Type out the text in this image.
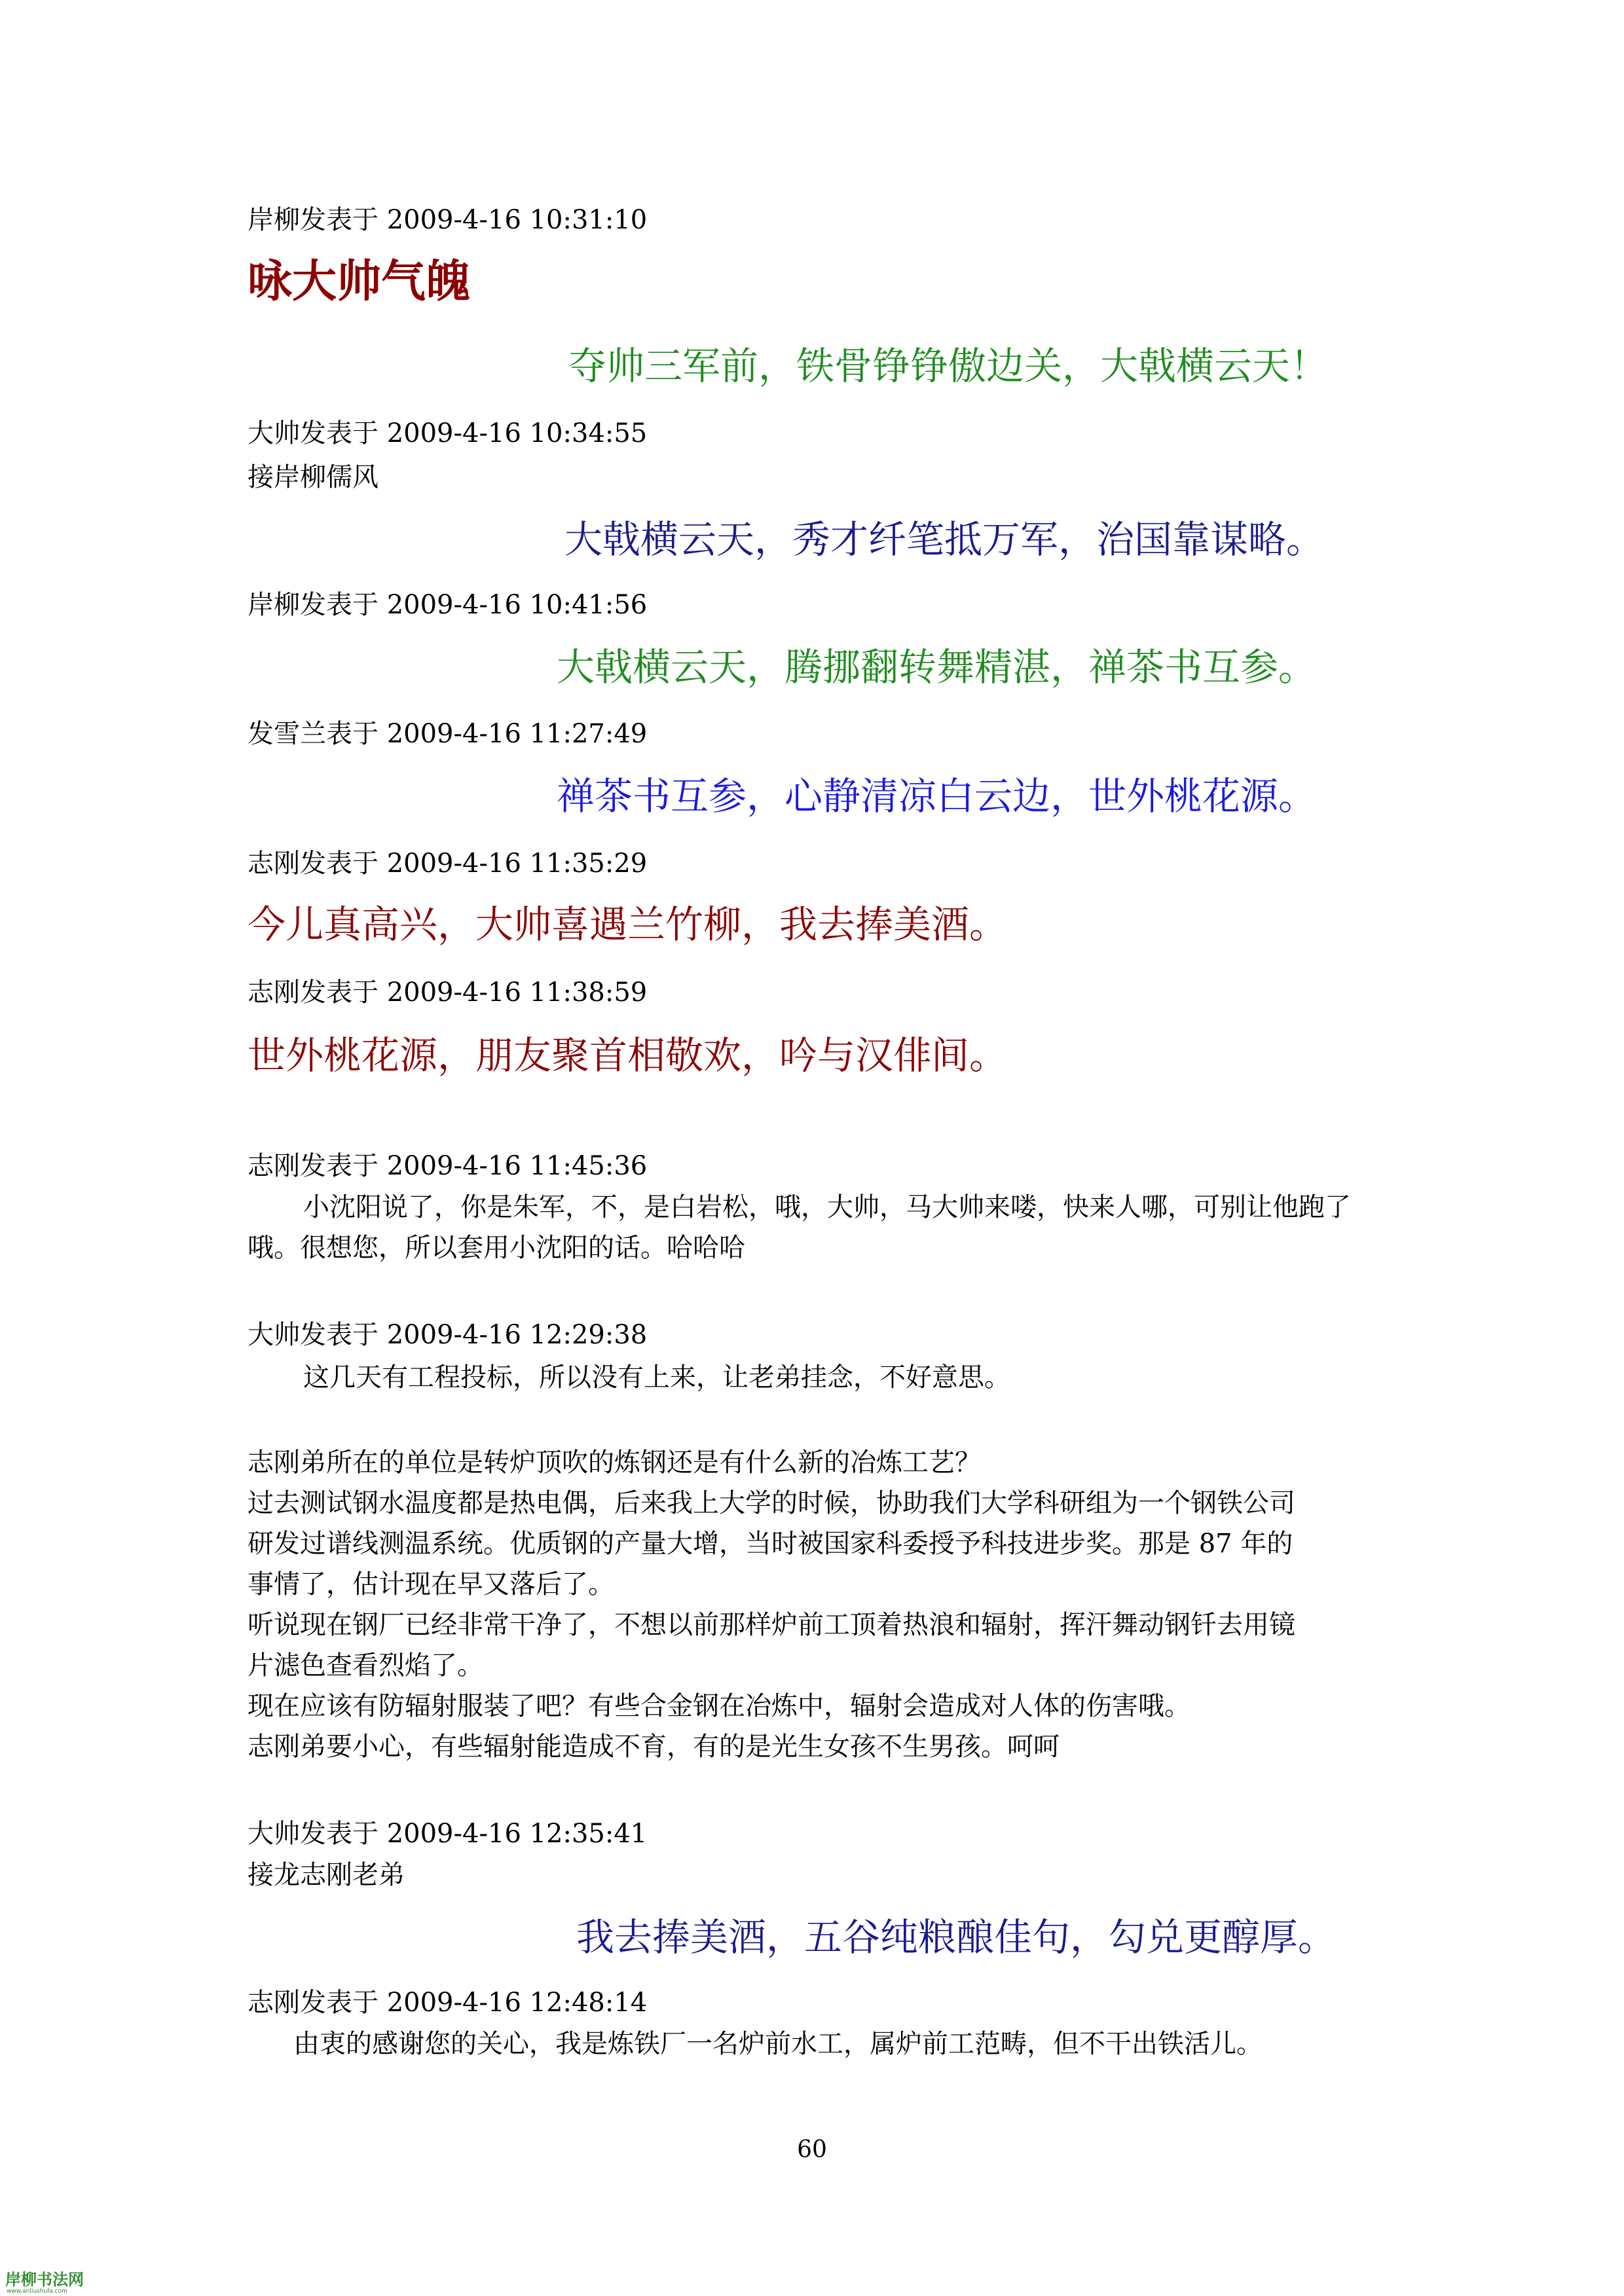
岸柳发表于 2009-4-16 10:31:10
咏大帅气魄
夺帅三军前，铁骨铮铮傲边关，大戟横云天！
大帅发表于 2009-4-16 10:34:55
接岸柳儒风
大戟横云天，秀才纤笔抵万军，治国靠谋略。
岸柳发表于 2009-4-16 10:41:56
大戟横云天，腾挪翻转舞精湛，禅茶书互参。
发雪兰表于 2009-4-16 11:27:49
禅茶书互参，心静清凉白云边，世外桃花源。
志刚发表于 2009-4-16 11:35:29
今儿真高兴，大帅喜遇兰竹柳，我去捧美酒。
志刚发表于 2009-4-16 11:38:59
世外桃花源，朋友聚首相敬欢，吟与汉俳间。
志刚发表于 2009-4-16 11:45:36
小沈阳说了，你是朱军，不，是白岩松，哦，大帅，马大帅来喽，快来人哪，可别让他跑了
哦。很想您，所以套用小沈阳的话。哈哈哈
大帅发表于 2009-4-16 12:29:38
这几天有工程投标，所以没有上来，让老弟挂念，不好意思。
志刚弟所在的单位是转炉顶吹的炼钢还是有什么新的冶炼工艺？
过去测试钢水温度都是热电偶，后来我上大学的时候，协助我们大学科研组为一个钢铁公司
研发过谱线测温系统。优质钢的产量大增，当时被国家科委授予科技进步奖。那是 87 年的
事情了，估计现在早又落后了。
听说现在钢厂已经非常干净了，不想以前那样炉前工顶着热浪和辐射，挥汗舞动钢钎去用镜
片滤色查看烈焰了。
现在应该有防辐射服装了吧？有些合金钢在冶炼中，辐射会造成对人体的伤害哦。
志刚弟要小心，有些辐射能造成不育，有的是光生女孩不生男孩。呵呵
大帅发表于 2009-4-16 12:35:41
接龙志刚老弟
我去捧美酒，五谷纯粮酿佳句，勾兑更醇厚。
志刚发表于 2009-4-16 12:48:14
由衷的感谢您的关心，我是炼铁厂一名炉前水工，属炉前工范畴，但不干出铁活儿。
60
岸柳书法网
www.anliushufa.com
